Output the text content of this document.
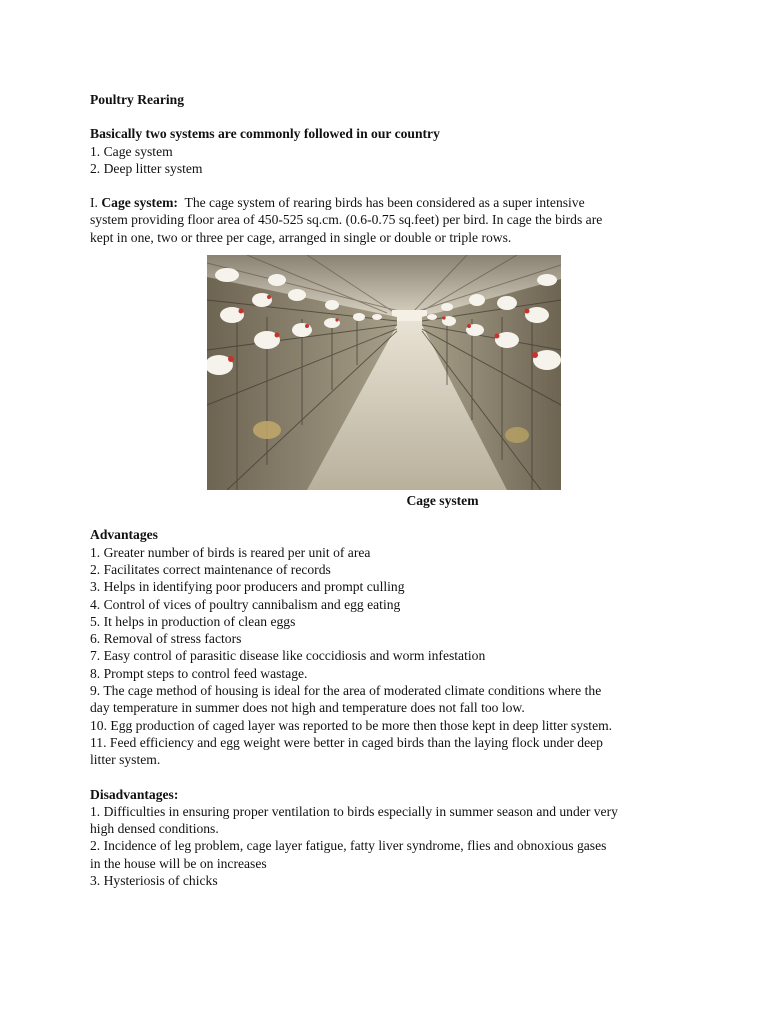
Poultry Rearing

Basically two systems are commonly followed in our country

1. Cage system
2. Deep litter system
I. Cage system:  The cage system of rearing birds has been considered as a super intensive
system providing floor area of 450-525 sq.cm. (0.6-0.75 sq.feet) per bird. In cage the birds are
kept in one, two or three per cage, arranged in single or double or triple rows.
Cage system

Advantages

1. Greater number of birds is reared per unit of area
2. Facilitates correct maintenance of records
3. Helps in identifying poor producers and prompt culling
4. Control of vices of poultry cannibalism and egg eating
5. It helps in production of clean eggs
6. Removal of stress factors
7. Easy control of parasitic disease like coccidiosis and worm infestation
8. Prompt steps to control feed wastage.
9. The cage method of housing is ideal for the area of moderated climate conditions where the
day temperature in summer does not high and temperature does not fall too low.
10. Egg production of caged layer was reported to be more then those kept in deep litter system.
11. Feed efficiency and egg weight were better in caged birds than the laying flock under deep
litter system.

Disadvantages:

1. Difficulties in ensuring proper ventilation to birds especially in summer season and under very
high densed conditions.
2. Incidence of leg problem, cage layer fatigue, fatty liver syndrome, flies and obnoxious gases
in the house will be on increases
3. Hysteriosis of chicks
